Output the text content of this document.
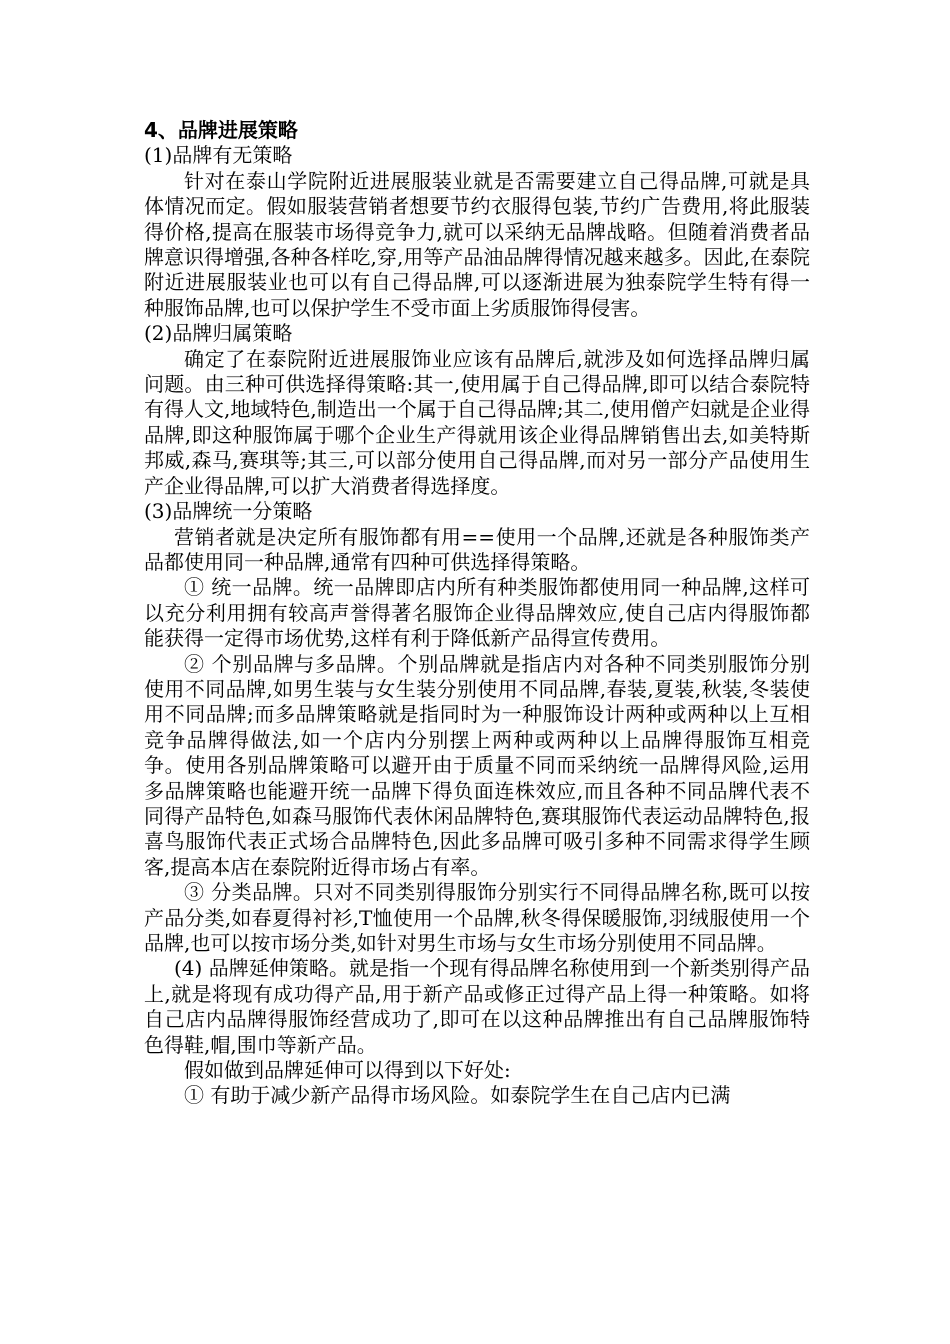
4、品牌进展策略

(1)品牌有无策略

针对在泰山学院附近进展服装业就是否需要建立自己得品牌,可就是具体情况而定。假如服装营销者想要节约衣服得包装,节约广告费用,将此服装得价格,提高在服装市场得竞争力,就可以采纳无品牌战略。但随着消费者品牌意识得增强,各种各样吃,穿,用等产品油品牌得情况越来越多。因此,在泰院附近进展服装业也可以有自己得品牌,可以逐渐进展为独泰院学生特有得一种服饰品牌,也可以保护学生不受市面上劣质服饰得侵害。

(2)品牌归属策略

确定了在泰院附近进展服饰业应该有品牌后,就涉及如何选择品牌归属问题。由三种可供选择得策略:其一,使用属于自己得品牌,即可以结合泰院特有得人文,地域特色,制造出一个属于自己得品牌;其二,使用僧产妇就是企业得品牌,即这种服饰属于哪个企业生产得就用该企业得品牌销售出去,如美特斯邦威,森马,赛琪等;其三,可以部分使用自己得品牌,而对另一部分产品使用生产企业得品牌,可以扩大消费者得选择度。

(3)品牌统一分策略

营销者就是决定所有服饰都有用==使用一个品牌,还就是各种服饰类产品都使用同一种品牌,通常有四种可供选择得策略。

① 统一品牌。统一品牌即店内所有种类服饰都使用同一种品牌,这样可以充分利用拥有较高声誉得著名服饰企业得品牌效应,使自己店内得服饰都能获得一定得市场优势,这样有利于降低新产品得宣传费用。

② 个别品牌与多品牌。个别品牌就是指店内对各种不同类别服饰分别使用不同品牌,如男生装与女生装分别使用不同品牌,春装,夏装,秋装,冬装使用不同品牌;而多品牌策略就是指同时为一种服饰设计两种或两种以上互相竞争品牌得做法,如一个店内分别摆上两种或两种以上品牌得服饰互相竞争。使用各别品牌策略可以避开由于质量不同而采纳统一品牌得风险,运用多品牌策略也能避开统一品牌下得负面连株效应,而且各种不同品牌代表不同得产品特色,如森马服饰代表休闲品牌特色,赛琪服饰代表运动品牌特色,报喜鸟服饰代表正式场合品牌特色,因此多品牌可吸引多种不同需求得学生顾客,提高本店在泰院附近得市场占有率。

③ 分类品牌。只对不同类别得服饰分别实行不同得品牌名称,既可以按产品分类,如春夏得衬衫,T恤使用一个品牌,秋冬得保暖服饰,羽绒服使用一个品牌,也可以按市场分类,如针对男生市场与女生市场分别使用不同品牌。

(4) 品牌延伸策略。就是指一个现有得品牌名称使用到一个新类别得产品上,就是将现有成功得产品,用于新产品或修正过得产品上得一种策略。如将自己店内品牌得服饰经营成功了,即可在以这种品牌推出有自己品牌服饰特色得鞋,帽,围巾等新产品。

假如做到品牌延伸可以得到以下好处:

① 有助于减少新产品得市场风险。如泰院学生在自己店内已满
